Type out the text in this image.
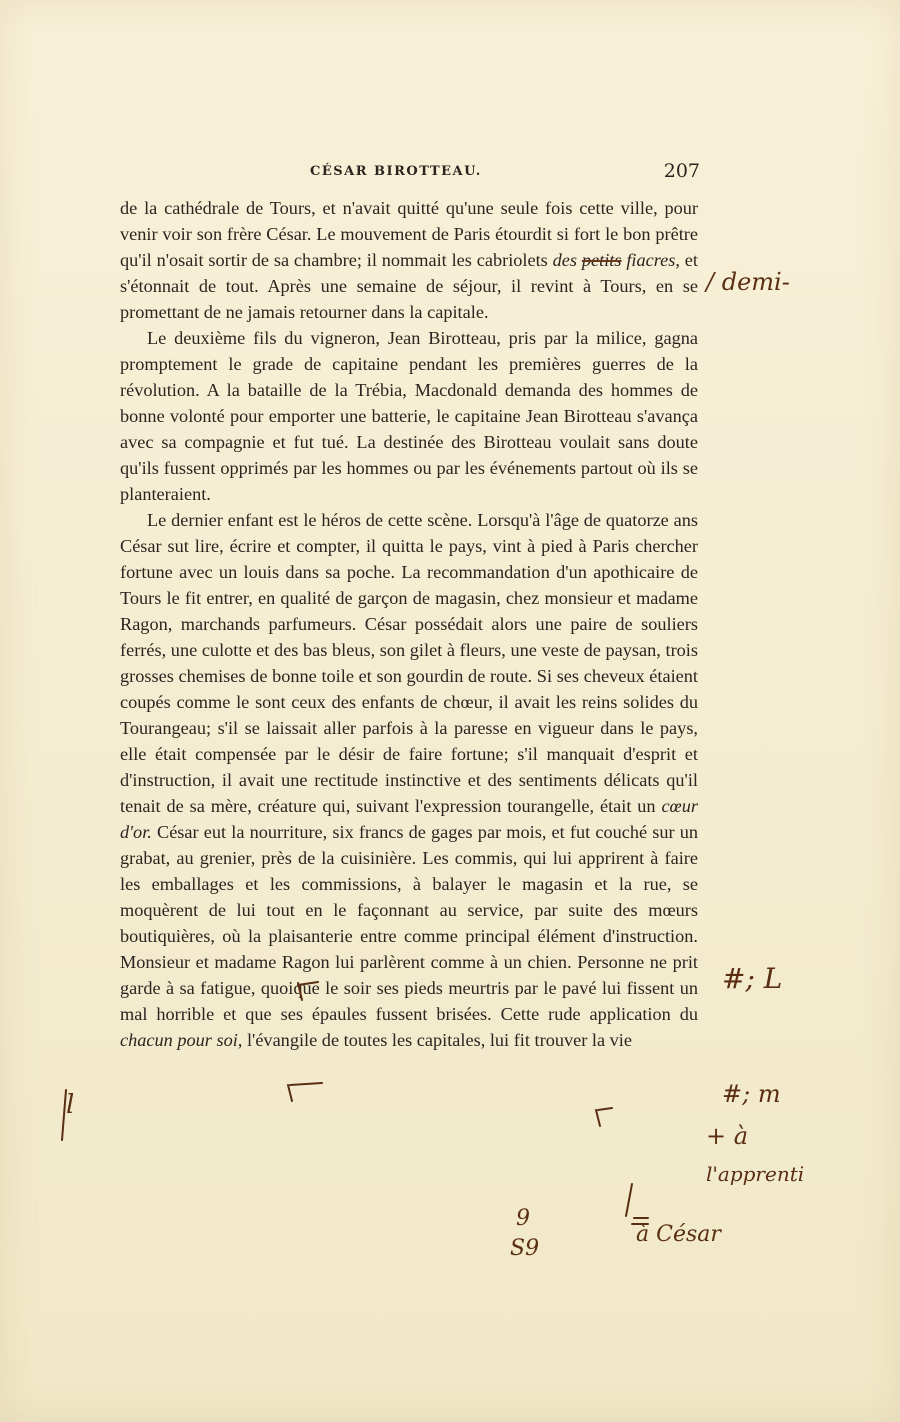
CÉSAR BIROTTEAU.	207

de la cathédrale de Tours, et n'avait quitté qu'une seule fois cette ville, pour venir voir son frère César. Le mouvement de Paris étourdit si fort le bon prêtre qu'il n'osait sortir de sa chambre; il nommait les cabriolets des petits fiacres, et s'étonnait de tout. Après une semaine de séjour, il revint à Tours, en se promettant de ne jamais retourner dans la capitale.

Le deuxième fils du vigneron, Jean Birotteau, pris par la milice, gagna promptement le grade de capitaine pendant les premières guerres de la révolution. A la bataille de la Trébia, Macdonald demanda des hommes de bonne volonté pour emporter une batterie, le capitaine Jean Birotteau s'avança avec sa compagnie et fut tué. La destinée des Birotteau voulait sans doute qu'ils fussent opprimés par les hommes ou par les événements partout où ils se planteraient.

Le dernier enfant est le héros de cette scène. Lorsqu'à l'âge de quatorze ans César sut lire, écrire et compter, il quitta le pays, vint à pied à Paris chercher fortune avec un louis dans sa poche. La recommandation d'un apothicaire de Tours le fit entrer, en qualité de garçon de magasin, chez monsieur et madame Ragon, marchands parfumeurs. César possédait alors une paire de souliers ferrés, une culotte et des bas bleus, son gilet à fleurs, une veste de paysan, trois grosses chemises de bonne toile et son gourdin de route. Si ses cheveux étaient coupés comme le sont ceux des enfants de chœur, il avait les reins solides du Tourangeau; s'il se laissait aller parfois à la paresse en vigueur dans le pays, elle était compensée par le désir de faire fortune; s'il manquait d'esprit et d'instruction, il avait une rectitude instinctive et des sentiments délicats qu'il tenait de sa mère, créature qui, suivant l'expression tourangelle, était un cœur d'or. César eut la nourriture, six francs de gages par mois, et fut couché sur un grabat, au grenier, près de la cuisinière. Les commis, qui lui apprirent à faire les emballages et les commissions, à balayer le magasin et la rue, se moquèrent de lui tout en le façonnant au service, par suite des mœurs boutiquières, où la plaisanterie entre comme principal élément d'instruction. Monsieur et madame Ragon lui parlèrent comme à un chien. Personne ne prit garde à sa fatigue, quoique le soir ses pieds meurtris par le pavé lui fissent un mal horrible et que ses épaules fussent brisées. Cette rude application du chacun pour soi, l'évangile de toutes les capitales, lui fit trouver la vie

/ demi-
#; L
#; m
+ à
l'apprenti
à César
l
9
S9
